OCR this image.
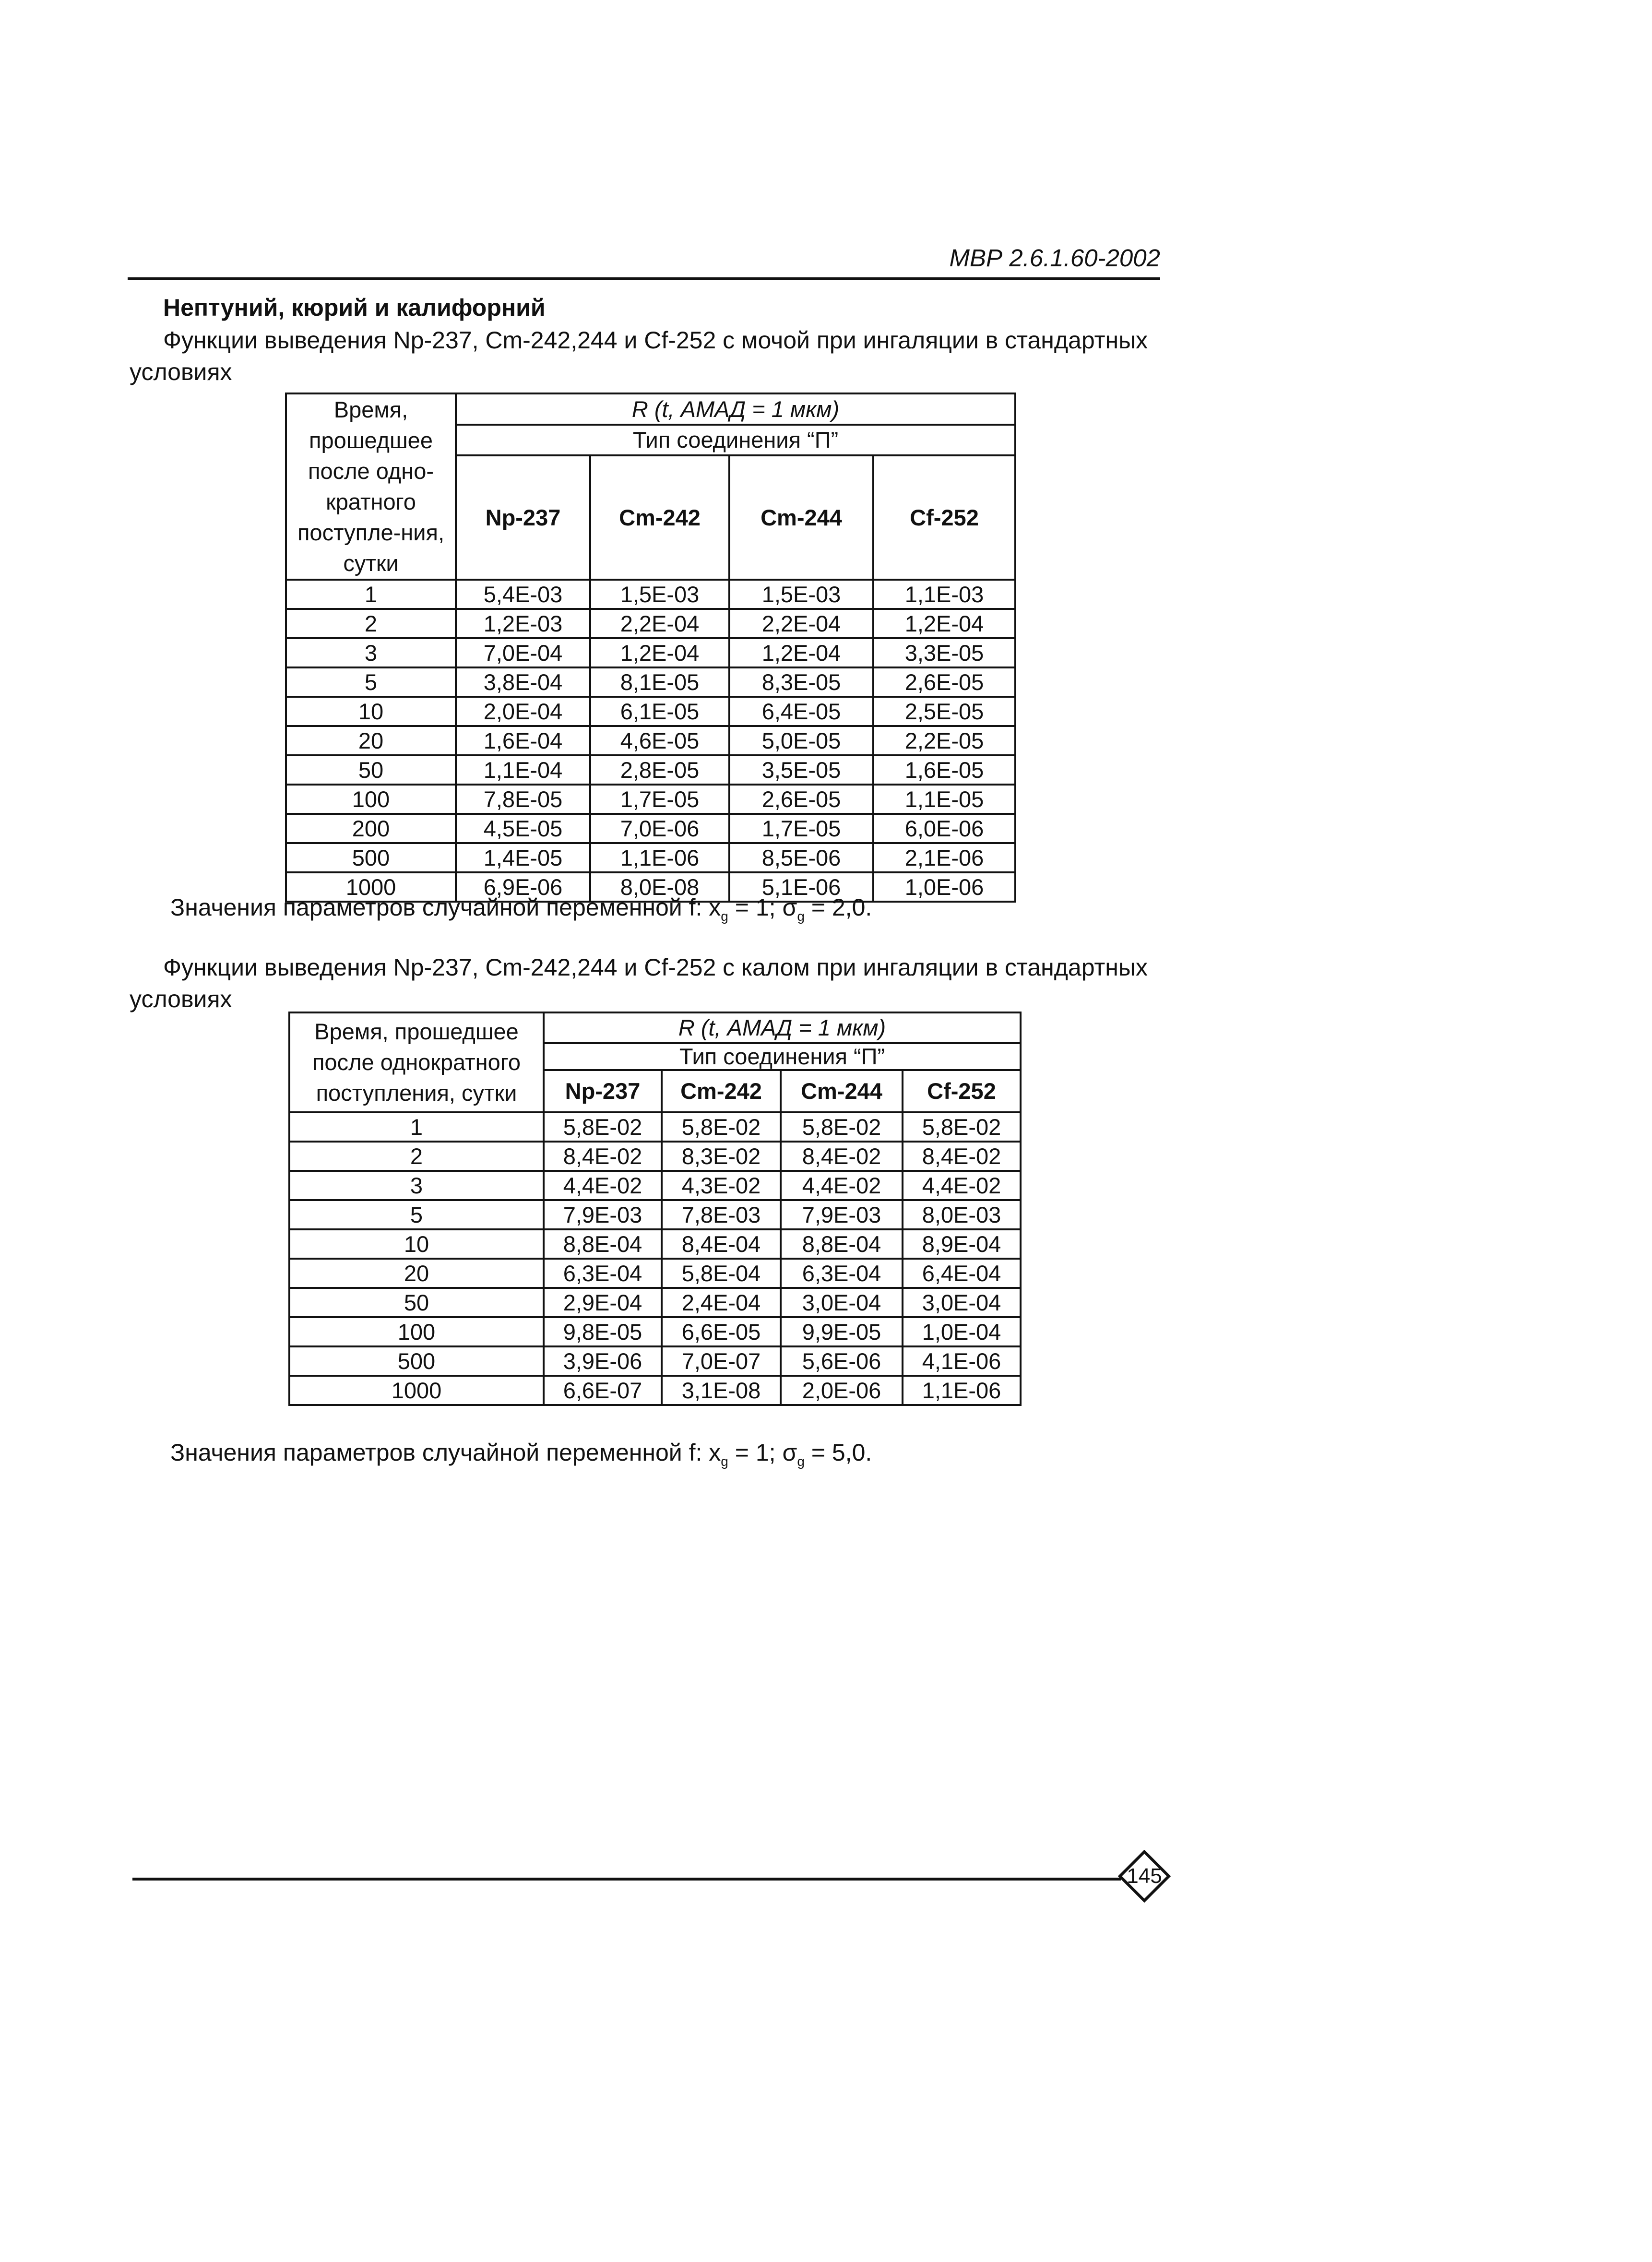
МВР 2.6.1.60-2002
Нептуний, кюрий и калифорний
Функции выведения Np-237, Cm-242,244 и Cf-252 с мочой при ингаляции в стандартных условиях
Время, прошедшее после одно-кратного поступле-ния, сутки	R (t, АМАД = 1 мкм)			
	Тип соединения “П”			
	Np-237	Cm-242	Cm-244	Cf-252
1	5,4E-03	1,5E-03	1,5E-03	1,1E-03
2	1,2E-03	2,2E-04	2,2E-04	1,2E-04
3	7,0E-04	1,2E-04	1,2E-04	3,3E-05
5	3,8E-04	8,1E-05	8,3E-05	2,6E-05
10	2,0E-04	6,1E-05	6,4E-05	2,5E-05
20	1,6E-04	4,6E-05	5,0E-05	2,2E-05
50	1,1E-04	2,8E-05	3,5E-05	1,6E-05
100	7,8E-05	1,7E-05	2,6E-05	1,1E-05
200	4,5E-05	7,0E-06	1,7E-05	6,0E-06
500	1,4E-05	1,1E-06	8,5E-06	2,1E-06
1000	6,9E-06	8,0E-08	5,1E-06	1,0E-06
Значения параметров случайной переменной f: $x_g = 1$; $\sigma_g = 2,0$.
Функции выведения Np-237, Cm-242,244 и Cf-252 с калом при ингаляции в стандартных условиях
Время, прошедшее после однократного поступления, сутки	R (t, АМАД = 1 мкм)			
	Тип соединения “П”			
	Np-237	Cm-242	Cm-244	Cf-252
1	5,8E-02	5,8E-02	5,8E-02	5,8E-02
2	8,4E-02	8,3E-02	8,4E-02	8,4E-02
3	4,4E-02	4,3E-02	4,4E-02	4,4E-02
5	7,9E-03	7,8E-03	7,9E-03	8,0E-03
10	8,8E-04	8,4E-04	8,8E-04	8,9E-04
20	6,3E-04	5,8E-04	6,3E-04	6,4E-04
50	2,9E-04	2,4E-04	3,0E-04	3,0E-04
100	9,8E-05	6,6E-05	9,9E-05	1,0E-04
500	3,9E-06	7,0E-07	5,6E-06	4,1E-06
1000	6,6E-07	3,1E-08	2,0E-06	1,1E-06
Значения параметров случайной переменной f: $x_g = 1$; $\sigma_g = 5,0$.
145
